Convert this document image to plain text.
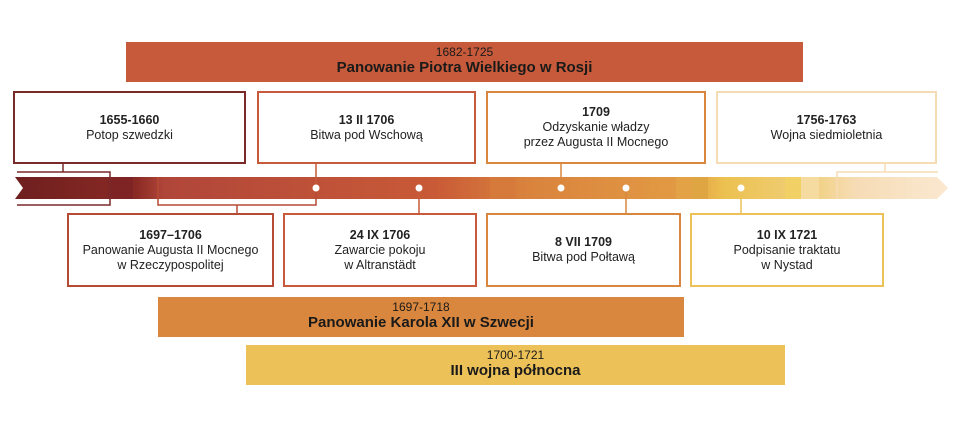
1682-1725
Panowanie Piotra Wielkiego w Rosji
1697-1718
Panowanie Karola XII w Szwecji
1700-1721
III wojna północna
1655-1660
Potop szwedzki
13 II 1706
Bitwa pod Wschową
1709
Odzyskanie władzy
przez Augusta II Mocnego
1756-1763
Wojna siedmioletnia
1697–1706
Panowanie Augusta II Mocnego
w Rzeczypospolitej
24 IX 1706
Zawarcie pokoju
w Altranstädt
8 VII 1709
Bitwa pod Połtawą
10 IX 1721
Podpisanie traktatu
w Nystad
